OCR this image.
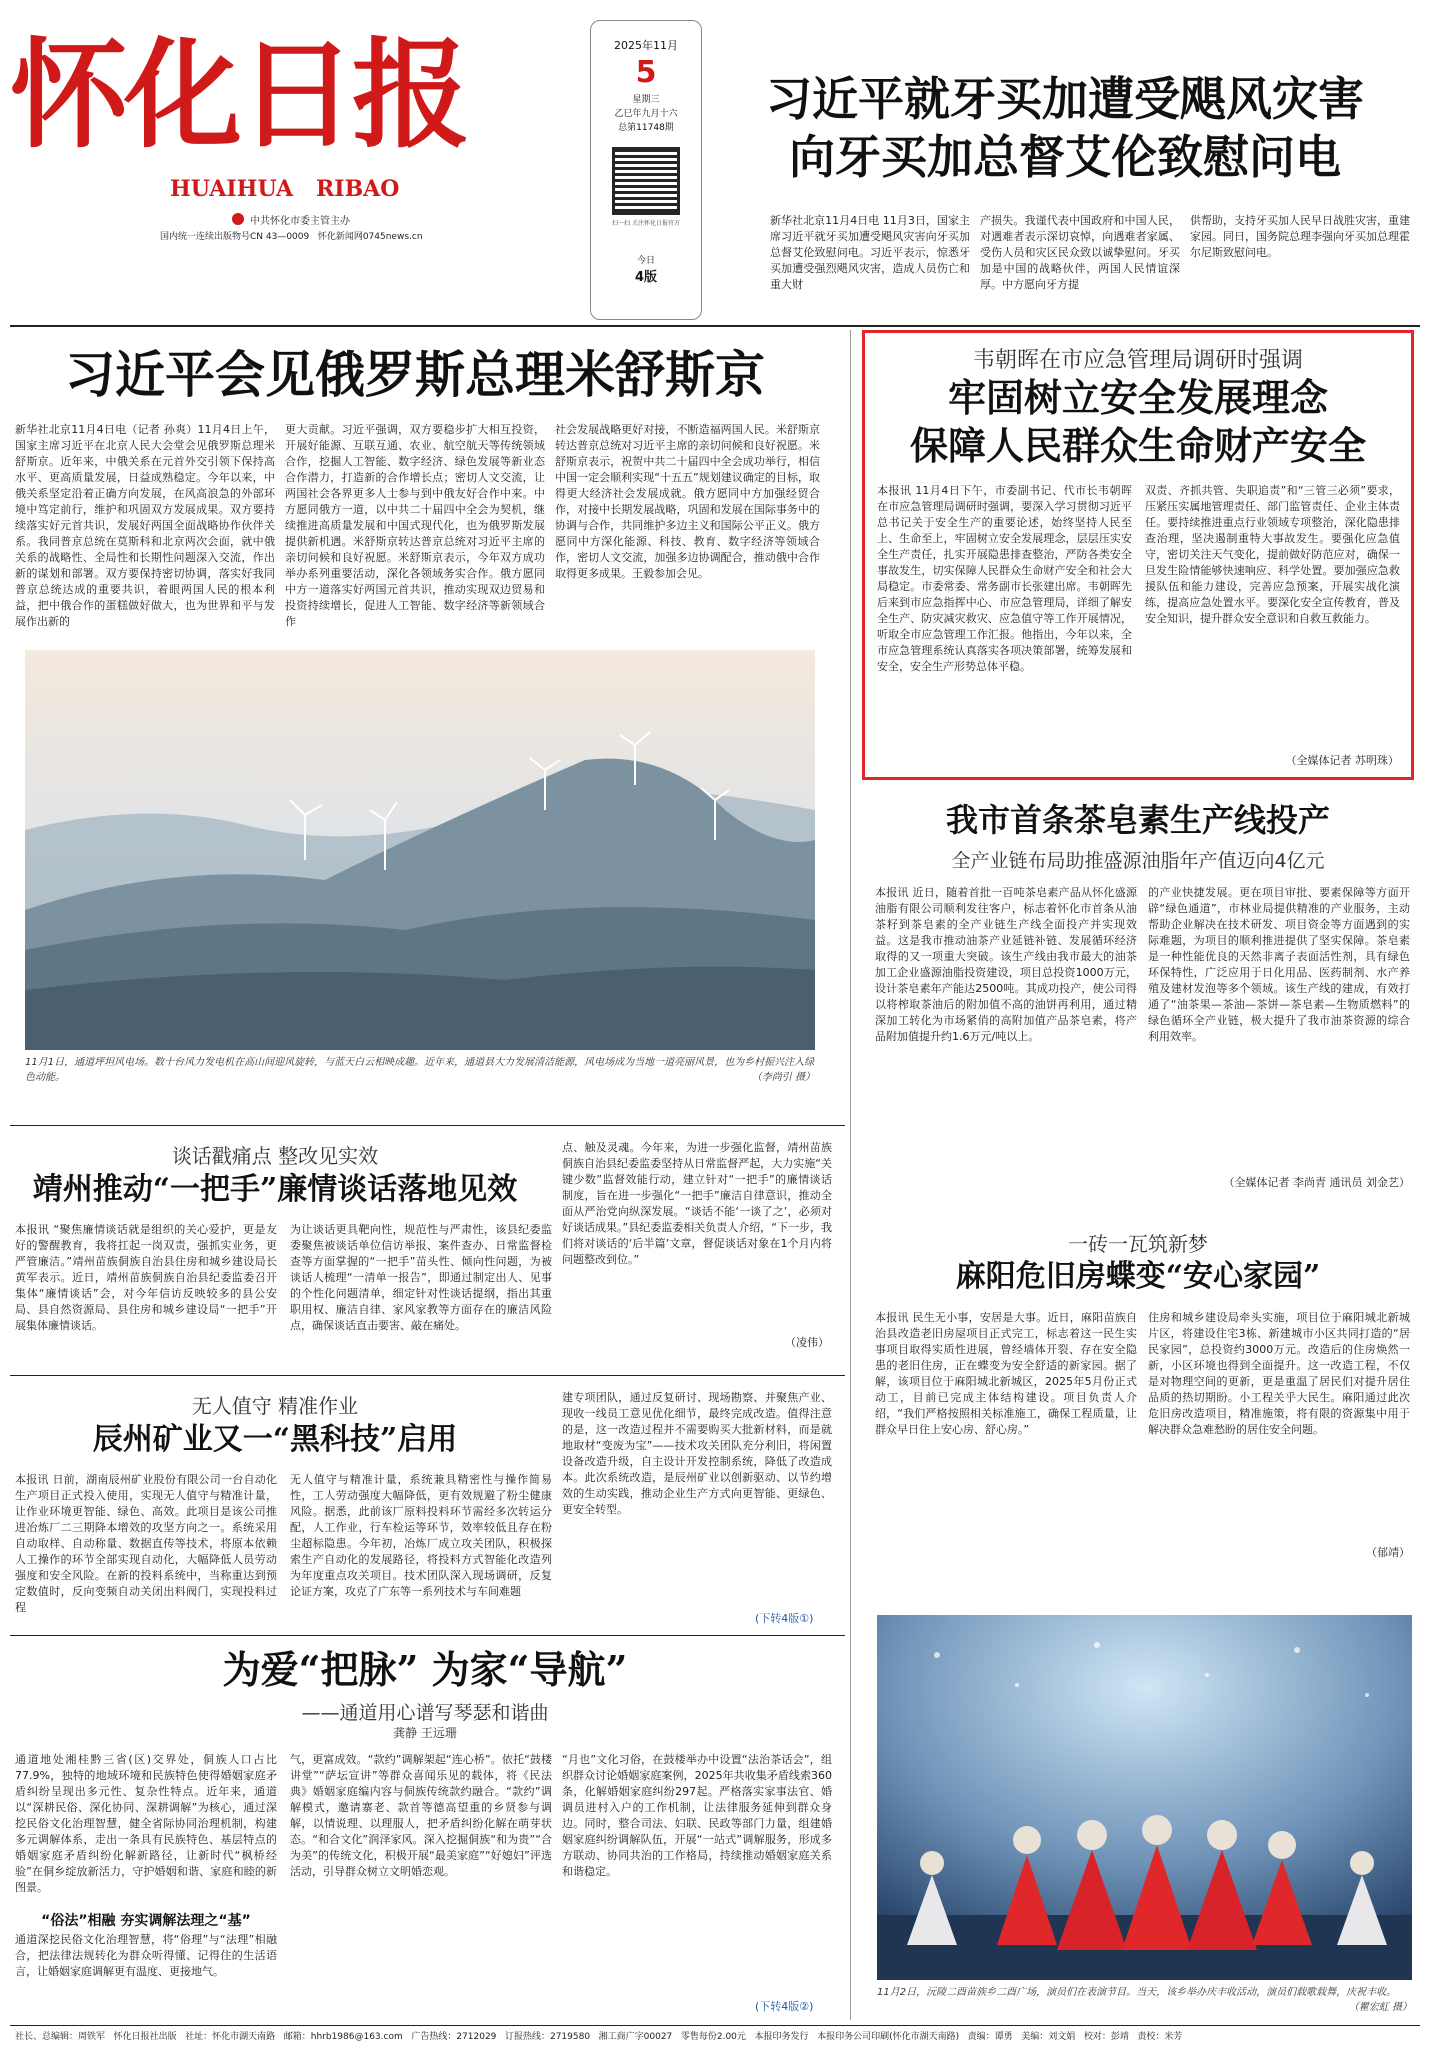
怀化日报
HUAIHUA   RIBAO
中共怀化市委主管主办
国内统一连续出版物号CN 43—0009   怀化新闻网0745news.cn
2025年11月
5
星期三
乙巳年九月十六
总第11748期
扫一扫 关注怀化日报官方
今日
4版
习近平就牙买加遭受飓风灾害
向牙买加总督艾伦致慰问电
新华社北京11月4日电 11月3日，国家主席习近平就牙买加遭受飓风灾害向牙买加总督艾伦致慰问电。习近平表示，惊悉牙买加遭受强烈飓风灾害，造成人员伤亡和重大财
产损失。我谨代表中国政府和中国人民，对遇难者表示深切哀悼，向遇难者家属、受伤人员和灾区民众致以诚挚慰问。牙买加是中国的战略伙伴，两国人民情谊深厚。中方愿向牙方提
供帮助，支持牙买加人民早日战胜灾害，重建家园。同日，国务院总理李强向牙买加总理霍尔尼斯致慰问电。
习近平会见俄罗斯总理米舒斯京
新华社北京11月4日电（记者 孙爽）11月4日上午，国家主席习近平在北京人民大会堂会见俄罗斯总理米舒斯京。近年来，中俄关系在元首外交引领下保持高水平、更高质量发展，日益成熟稳定。今年以来，中俄关系坚定沿着正确方向发展，在风高浪急的外部环境中笃定前行，维护和巩固双方发展成果。双方要持续落实好元首共识，发展好两国全面战略协作伙伴关系。我同普京总统在莫斯科和北京两次会面，就中俄关系的战略性、全局性和长期性问题深入交流，作出新的谋划和部署。双方要保持密切协调，落实好我同普京总统达成的重要共识，着眼两国人民的根本利益，把中俄合作的蛋糕做好做大，也为世界和平与发展作出新的
更大贡献。习近平强调，双方要稳步扩大相互投资，开展好能源、互联互通、农业、航空航天等传统领域合作，挖掘人工智能、数字经济、绿色发展等新业态合作潜力，打造新的合作增长点；密切人文交流，让两国社会各界更多人士参与到中俄友好合作中来。中方愿同俄方一道，以中共二十届四中全会为契机，继续推进高质量发展和中国式现代化，也为俄罗斯发展提供新机遇。米舒斯京转达普京总统对习近平主席的亲切问候和良好祝愿。米舒斯京表示，今年双方成功举办系列重要活动，深化各领域务实合作。俄方愿同中方一道落实好两国元首共识，推动实现双边贸易和投资持续增长，促进人工智能、数字经济等新领域合作
社会发展战略更好对接，不断造福两国人民。米舒斯京转达普京总统对习近平主席的亲切问候和良好祝愿。米舒斯京表示，祝贺中共二十届四中全会成功举行，相信中国一定会顺利实现“十五五”规划建议确定的目标，取得更大经济社会发展成就。俄方愿同中方加强经贸合作，对接中长期发展战略，巩固和发展在国际事务中的协调与合作，共同维护多边主义和国际公平正义。俄方愿同中方深化能源、科技、教育、数字经济等领域合作，密切人文交流，加强多边协调配合，推动俄中合作取得更多成果。王毅参加会见。
11月1日，通道坪坦风电场。数十台风力发电机在高山间迎风旋转，与蓝天白云相映成趣。近年来，通道县大力发展清洁能源，风电场成为当地一道亮丽风景，也为乡村振兴注入绿色动能。	（李尚引 摄）
韦朝晖在市应急管理局调研时强调
牢固树立安全发展理念
保障人民群众生命财产安全
本报讯 11月4日下午，市委副书记、代市长韦朝晖在市应急管理局调研时强调，要深入学习贯彻习近平总书记关于安全生产的重要论述，始终坚持人民至上、生命至上，牢固树立安全发展理念，层层压实安全生产责任，扎实开展隐患排查整治，严防各类安全事故发生，切实保障人民群众生命财产安全和社会大局稳定。市委常委、常务副市长张建出席。韦朝晖先后来到市应急指挥中心、市应急管理局，详细了解安全生产、防灾减灾救灾、应急值守等工作开展情况，听取全市应急管理工作汇报。他指出，今年以来，全市应急管理系统认真落实各项决策部署，统筹发展和安全，安全生产形势总体平稳。
双责、齐抓共管、失职追责”和“三管三必须”要求，压紧压实属地管理责任、部门监管责任、企业主体责任。要持续推进重点行业领域专项整治，深化隐患排查治理，坚决遏制重特大事故发生。要强化应急值守，密切关注天气变化，提前做好防范应对，确保一旦发生险情能够快速响应、科学处置。要加强应急救援队伍和能力建设，完善应急预案，开展实战化演练，提高应急处置水平。要深化安全宣传教育，普及安全知识，提升群众安全意识和自救互救能力。
（全媒体记者 苏明珠）
我市首条茶皂素生产线投产
全产业链布局助推盛源油脂年产值迈向4亿元
本报讯 近日，随着首批一百吨茶皂素产品从怀化盛源油脂有限公司顺利发往客户，标志着怀化市首条从油茶籽到茶皂素的全产业链生产线全面投产并实现效益。这是我市推动油茶产业延链补链、发展循环经济取得的又一项重大突破。该生产线由我市最大的油茶加工企业盛源油脂投资建设，项目总投资1000万元，设计茶皂素年产能达2500吨。其成功投产，使公司得以将榨取茶油后的附加值不高的油饼再利用，通过精深加工转化为市场紧俏的高附加值产品茶皂素，将产品附加值提升约1.6万元/吨以上。
的产业快捷发展。更在项目审批、要素保障等方面开辟“绿色通道”，市林业局提供精准的产业服务，主动帮助企业解决在技术研发、项目资金等方面遇到的实际难题，为项目的顺利推进提供了坚实保障。茶皂素是一种性能优良的天然非离子表面活性剂，具有绿色环保特性，广泛应用于日化用品、医药制剂、水产养殖及建材发泡等多个领域。该生产线的建成，有效打通了“油茶果—茶油—茶饼—茶皂素—生物质燃料”的绿色循环全产业链，极大提升了我市油茶资源的综合利用效率。
（全媒体记者 李尚青 通讯员 刘金艺）
谈话戳痛点 整改见实效
靖州推动“一把手”廉情谈话落地见效
本报讯 “聚焦廉情谈话就是组织的关心爱护，更是友好的警醒教育，我将扛起一岗双责，强抓实业务，更严管廉洁。”靖州苗族侗族自治县住房和城乡建设局长黄军表示。近日，靖州苗族侗族自治县纪委监委召开集体“廉情谈话”会，对今年信访反映较多的县公安局、县自然资源局、县住房和城乡建设局“一把手”开展集体廉情谈话。
为让谈话更具靶向性，规范性与严肃性，该县纪委监委聚焦被谈话单位信访举报、案件查办、日常监督检查等方面掌握的“一把手”苗头性、倾向性问题，为被谈话人梳理“一清单一报告”，即通过制定出人、见事的个性化问题清单，细定针对性谈话提纲，指出其重职用权、廉洁自律、家风家教等方面存在的廉洁风险点，确保谈话直击要害、敲在痛处。
点、触及灵魂。今年来，为进一步强化监督，靖州苗族侗族自治县纪委监委坚持从日常监督严起，大力实施“关键少数”监督效能行动，建立针对“一把手”的廉情谈话制度，旨在进一步强化“一把手”廉洁自律意识，推动全面从严治党向纵深发展。“谈话不能‘一谈了之’，必须对好谈话成果。”县纪委监委相关负责人介绍，“下一步，我们将对谈话的‘后半篇’文章，督促谈话对象在1个月内将问题整改到位。”
（凌伟）
一砖一瓦筑新梦
麻阳危旧房蝶变“安心家园”
本报讯 民生无小事，安居是大事。近日，麻阳苗族自治县改造老旧房屋项目正式完工，标志着这一民生实事项目取得实质性进展，曾经墙体开裂、存在安全隐患的老旧住房，正在蝶变为安全舒适的新家园。据了解，该项目位于麻阳城北新城区，2025年5月份正式动工，目前已完成主体结构建设。项目负责人介绍，“我们严格按照相关标准施工，确保工程质量，让群众早日住上安心房、舒心房。”
住房和城乡建设局牵头实施，项目位于麻阳城北新城片区，将建设住宅3栋、新建城市小区共同打造的“居民家园”，总投资约3000万元。改造后的住房焕然一新，小区环境也得到全面提升。这一改造工程，不仅是对物理空间的更新，更是重温了居民们对提升居住品质的热切期盼。小工程关乎大民生。麻阳通过此次危旧房改造项目，精准施策，将有限的资源集中用于解决群众急难愁盼的居住安全问题。
（郁靖）
无人值守 精准作业
辰州矿业又一“黑科技”启用
本报讯 日前，湖南辰州矿业股份有限公司一台自动化生产项目正式投入使用，实现无人值守与精准计量，让作业环境更智能、绿色、高效。此项目是该公司推进冶炼厂二三期降本增效的攻坚方向之一。系统采用自动取样、自动称量、数据直传等技术，将原本依赖人工操作的环节全部实现自动化，大幅降低人员劳动强度和安全风险。在新的投料系统中，当称重达到预定数值时，反向变频自动关闭出料阀门，实现投料过程
无人值守与精准计量，系统兼具精密性与操作简易性，工人劳动强度大幅降低，更有效规避了粉尘健康风险。据悉，此前该厂原料投料环节需经多次转运分配，人工作业，行车检运等环节，效率较低且存在粉尘超标隐患。今年初，冶炼厂成立攻关团队，积极探索生产自动化的发展路径，将投料方式智能化改造列为年度重点攻关项目。技术团队深入现场调研，反复论证方案，攻克了广东等一系列技术与车间难题
建专项团队，通过反复研讨、现场勘察、并聚焦产业、现收一线员工意见优化细节，最终完成改造。值得注意的是，这一改造过程并不需要购买大批新材料，而是就地取材“变废为宝”——技术攻关团队充分利旧，将闲置设备改造升级，自主设计开发控制系统，降低了改造成本。此次系统改造，是辰州矿业以创新驱动、以节约增效的生动实践，推动企业生产方式向更智能、更绿色、更安全转型。
(下转4版①)
为爱“把脉” 为家“导航”
——通道用心谱写琴瑟和谐曲
龚静 王远珊
通道地处湘桂黔三省(区)交界处，侗族人口占比77.9%，独特的地域环境和民族特色使得婚姻家庭矛盾纠纷呈现出多元性、复杂性特点。近年来，通道以“深耕民俗、深化协同、深耕调解”为核心，通过深挖民俗文化治理智慧，健全省际协同治理机制，构建多元调解体系，走出一条具有民族特色、基层特点的婚姻家庭矛盾纠纷化解新路径，让新时代“枫桥经验”在侗乡绽放新活力，守护婚姻和谐、家庭和睦的新图景。
“俗法”相融 夯实调解法理之“基”
通道深挖民俗文化治理智慧，将“俗理”与“法理”相融合，把法律法规转化为群众听得懂、记得住的生活语言，让婚姻家庭调解更有温度、更接地气。
气，更富成效。“款约”调解架起“连心桥”。依托“鼓楼讲堂”“萨坛宣讲”等群众喜闻乐见的载体，将《民法典》婚姻家庭编内容与侗族传统款约融合。“款约”调解模式，邀请寨老、款首等德高望重的乡贤参与调解，以情说理、以理服人，把矛盾纠纷化解在萌芽状态。“和合文化”润泽家风。深入挖掘侗族“和为贵”“合为美”的传统文化，积极开展“最美家庭”“好媳妇”评选活动，引导群众树立文明婚恋观。
“月也”文化习俗，在鼓楼举办中设置“法治茶话会”，组织群众讨论婚姻家庭案例，2025年共收集矛盾线索360条，化解婚姻家庭纠纷297起。严格落实家事法官、婚调员进村入户的工作机制，让法律服务延伸到群众身边。同时，整合司法、妇联、民政等部门力量，组建婚姻家庭纠纷调解队伍，开展“一站式”调解服务，形成多方联动、协同共治的工作格局，持续推动婚姻家庭关系和谐稳定。
(下转4版②)
11月2日，沅陵二酉苗族乡二酉广场，演员们在表演节目。当天，该乡举办庆丰收活动，演员们载歌载舞，庆祝丰收。
（瞿宏虹 摄）
社长、总编辑：周铁军   怀化日报社出版   社址：怀化市湖天南路   邮箱：hhrb1986@163.com   广告热线：2712029   订报热线：2719580   湘工商广字00027   零售每份2.00元   本报印务发行   本报印务公司印刷(怀化市湖天南路)   责编：谭勇   美编：刘文娟   校对：彭靖   责校：米芳
